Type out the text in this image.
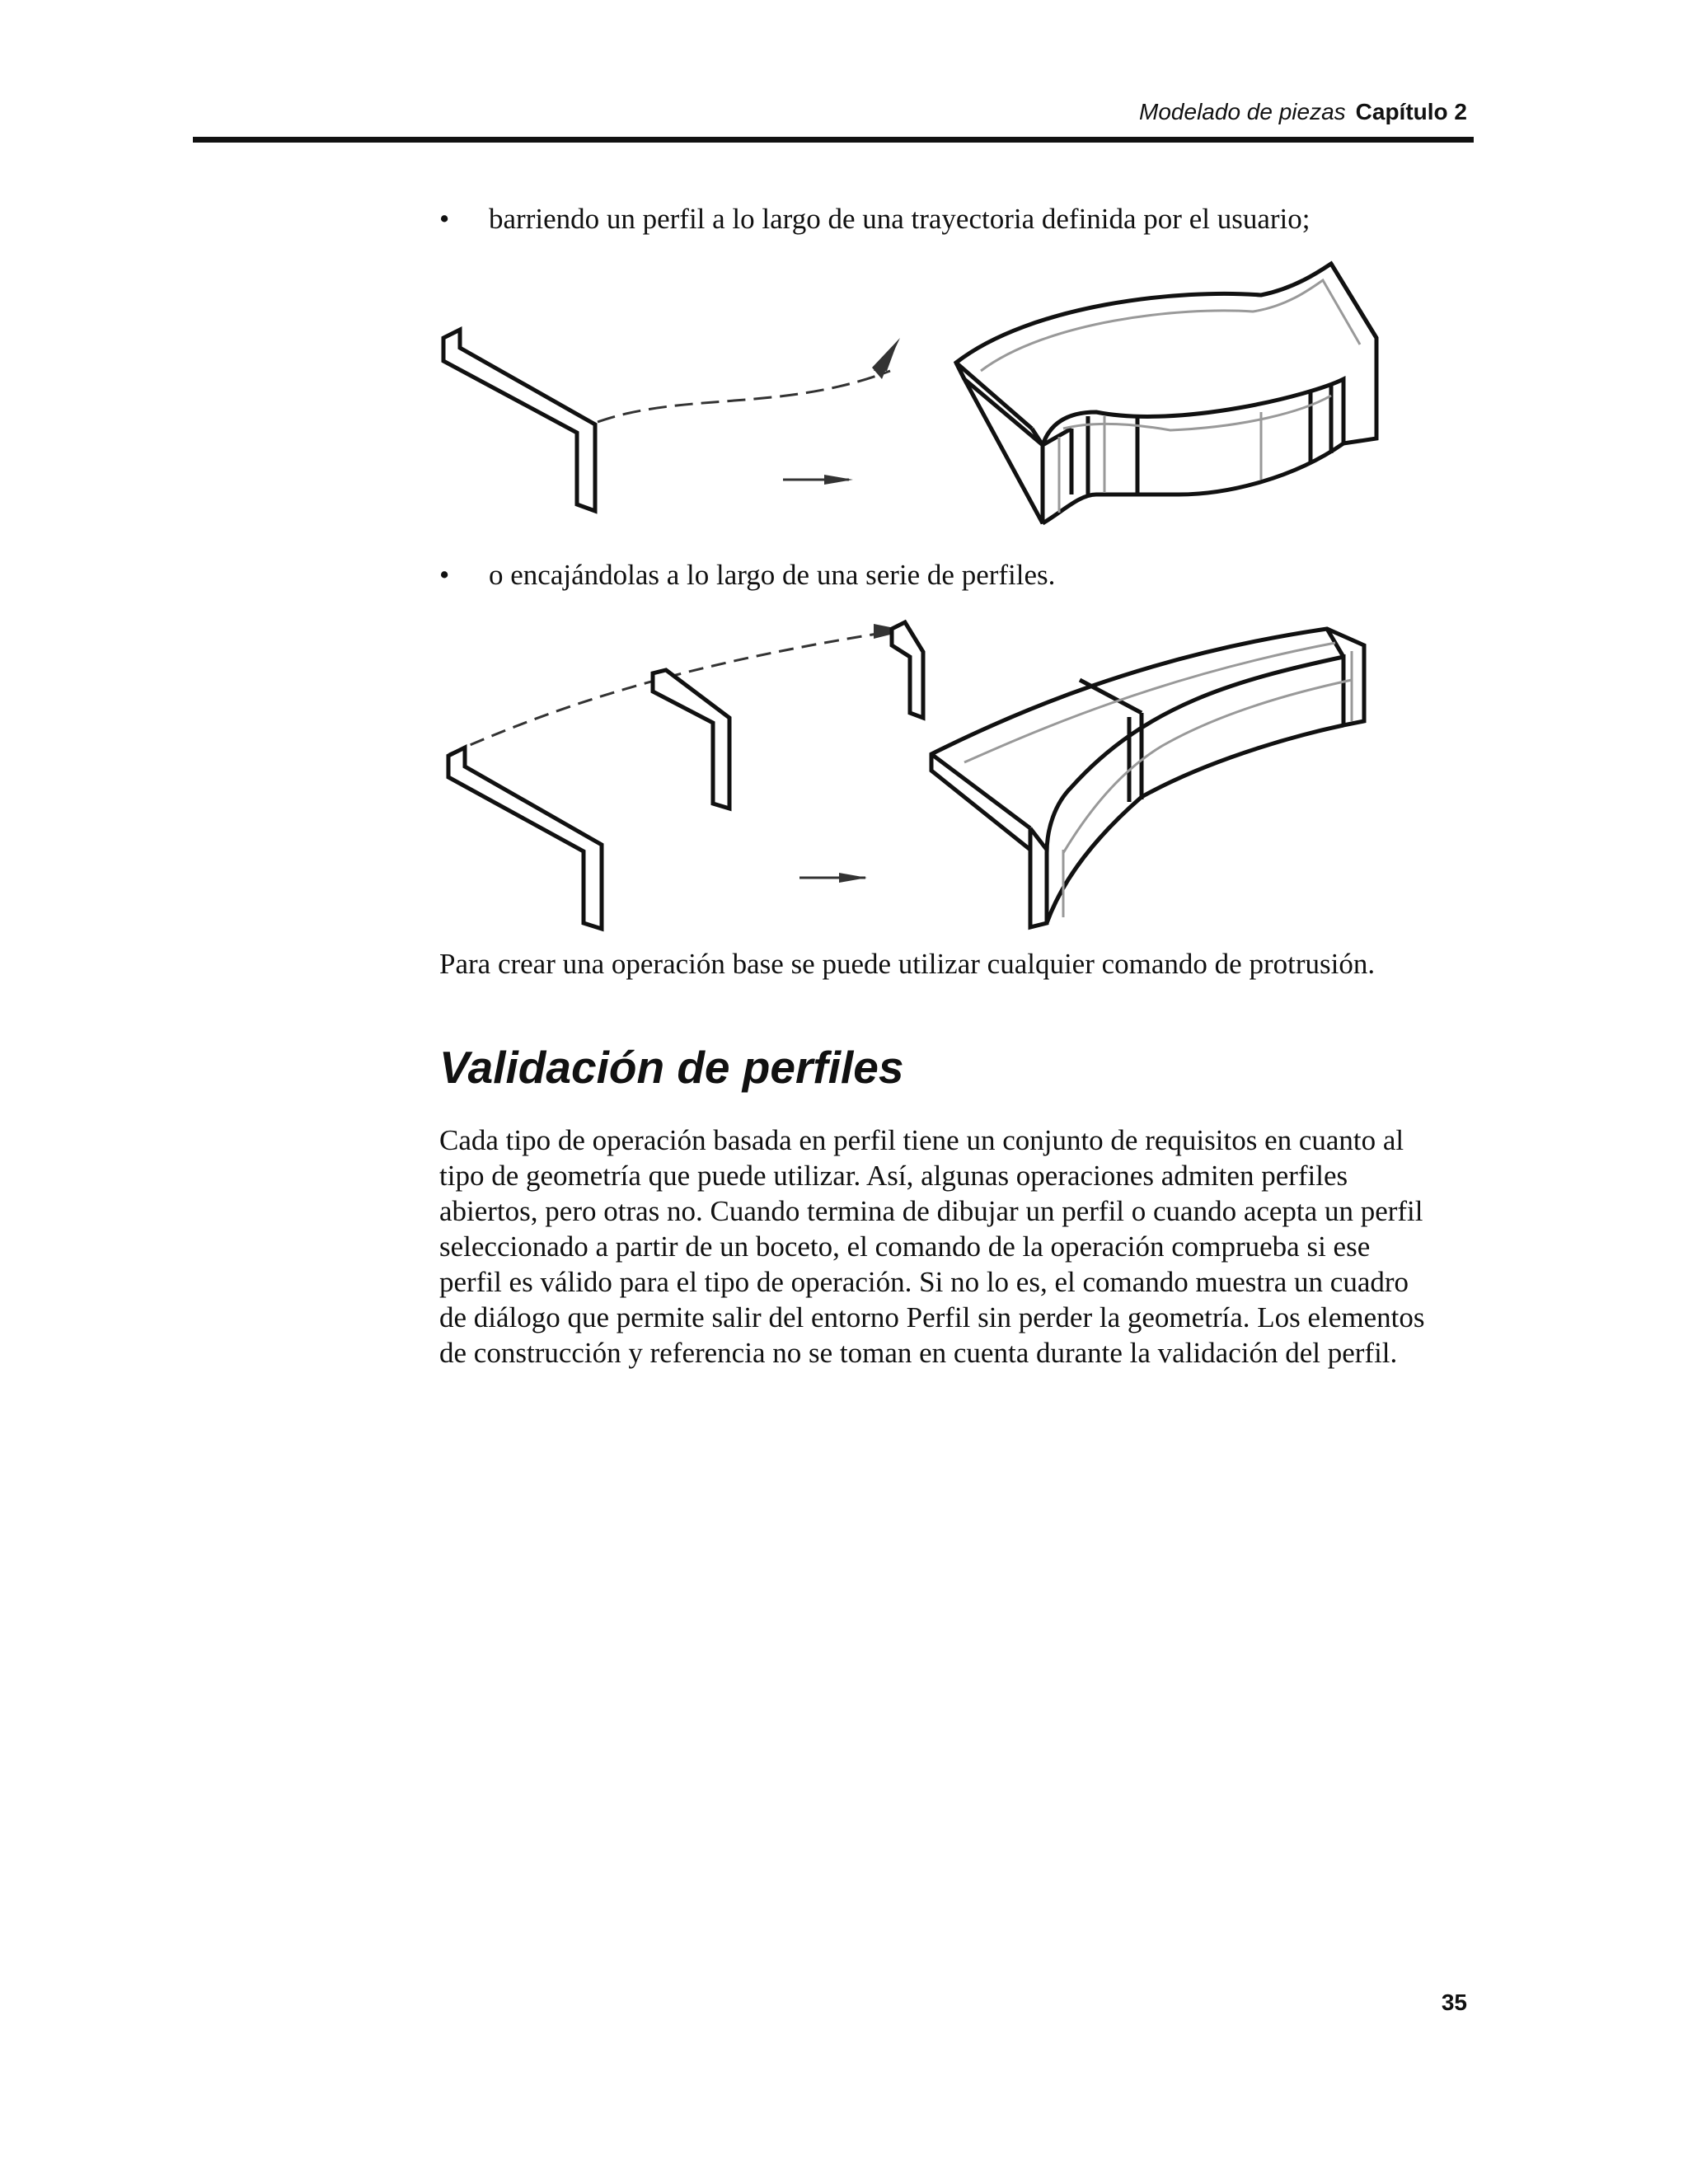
Modelado de piezas Capítulo 2
• barriendo un perfil a lo largo de una trayectoria definida por el usuario;
• o encajándolas a lo largo de una serie de perfiles.
Para crear una operación base se puede utilizar cualquier comando de protrusión.
Validación de perfiles
Cada tipo de operación basada en perfil tiene un conjunto de requisitos en cuanto al
tipo de geometría que puede utilizar. Así, algunas operaciones admiten perfiles
abiertos, pero otras no. Cuando termina de dibujar un perfil o cuando acepta un perfil
seleccionado a partir de un boceto, el comando de la operación comprueba si ese
perfil es válido para el tipo de operación. Si no lo es, el comando muestra un cuadro
de diálogo que permite salir del entorno Perfil sin perder la geometría. Los elementos
de construcción y referencia no se toman en cuenta durante la validación del perfil.
35
